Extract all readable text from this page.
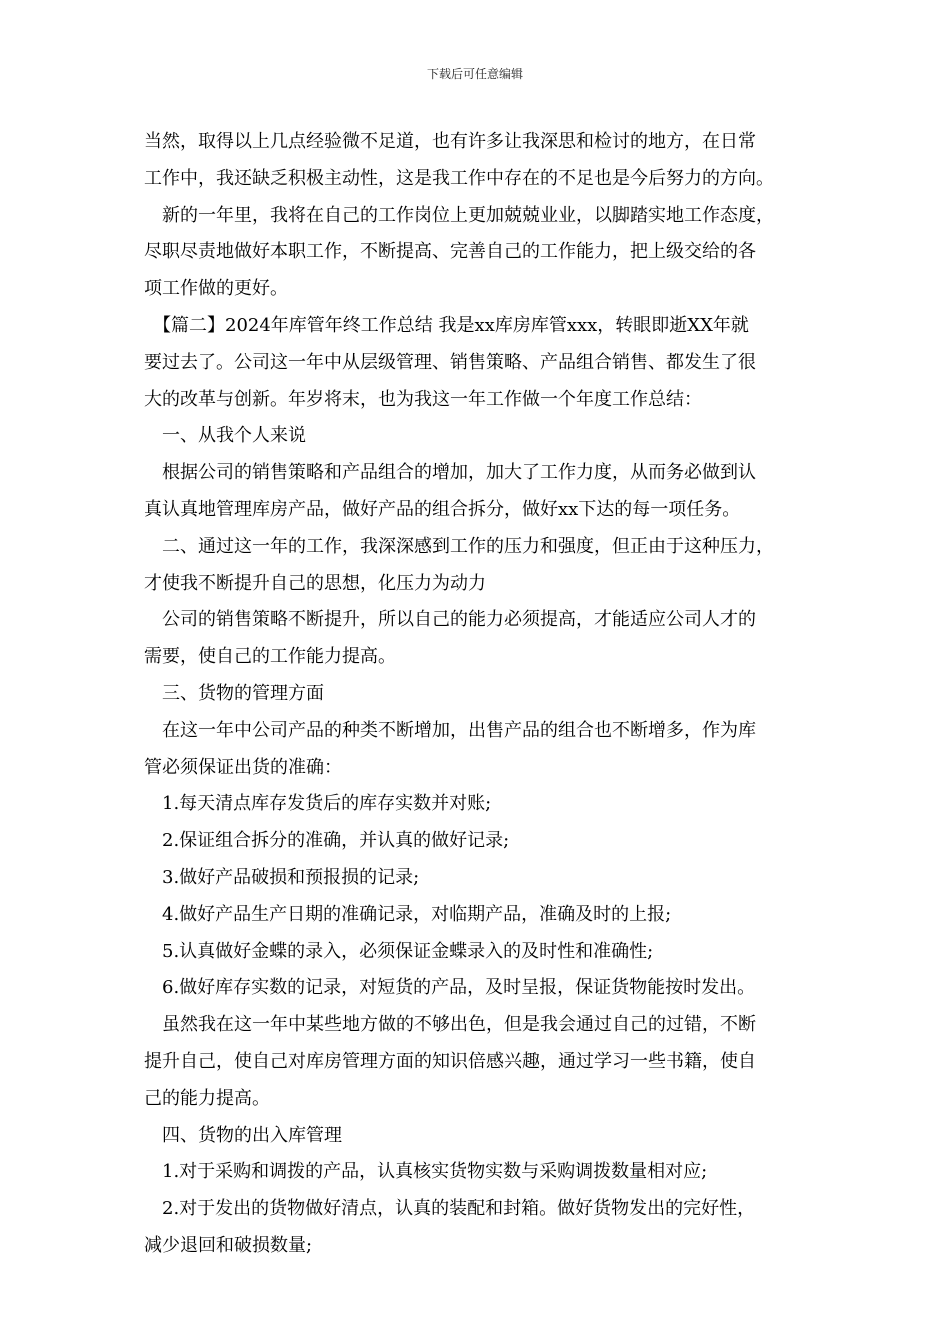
下载后可任意编辑

当然，取得以上几点经验微不足道，也有许多让我深思和检讨的地方，在日常

工作中，我还缺乏积极主动性，这是我工作中存在的不足也是今后努力的方向。

　新的一年里，我将在自己的工作岗位上更加兢兢业业，以脚踏实地工作态度，

尽职尽责地做好本职工作，不断提高、完善自己的工作能力，把上级交给的各

项工作做的更好。

　【篇二】2024年库管年终工作总结 我是xx库房库管xxx，转眼即逝XX年就

要过去了。公司这一年中从层级管理、销售策略、产品组合销售、都发生了很

大的改革与创新。年岁将末，也为我这一年工作做一个年度工作总结：

　一、从我个人来说

　根据公司的销售策略和产品组合的增加，加大了工作力度，从而务必做到认

真认真地管理库房产品，做好产品的组合拆分，做好xx下达的每一项任务。

　二、通过这一年的工作，我深深感到工作的压力和强度，但正由于这种压力，

才使我不断提升自己的思想，化压力为动力

　公司的销售策略不断提升，所以自己的能力必须提高，才能适应公司人才的

需要，使自己的工作能力提高。

　三、货物的管理方面

　在这一年中公司产品的种类不断增加，出售产品的组合也不断增多，作为库

管必须保证出货的准确：

　1.每天清点库存发货后的库存实数并对账;

　2.保证组合拆分的准确，并认真的做好记录;

　3.做好产品破损和预报损的记录;

　4.做好产品生产日期的准确记录，对临期产品，准确及时的上报;

　5.认真做好金蝶的录入，必须保证金蝶录入的及时性和准确性;

　6.做好库存实数的记录，对短货的产品，及时呈报，保证货物能按时发出。

　虽然我在这一年中某些地方做的不够出色，但是我会通过自己的过错，不断

提升自己，使自己对库房管理方面的知识倍感兴趣，通过学习一些书籍，使自

己的能力提高。

　四、货物的出入库管理

　1.对于采购和调拨的产品，认真核实货物实数与采购调拨数量相对应;

　2.对于发出的货物做好清点，认真的装配和封箱。做好货物发出的完好性，

减少退回和破损数量;
